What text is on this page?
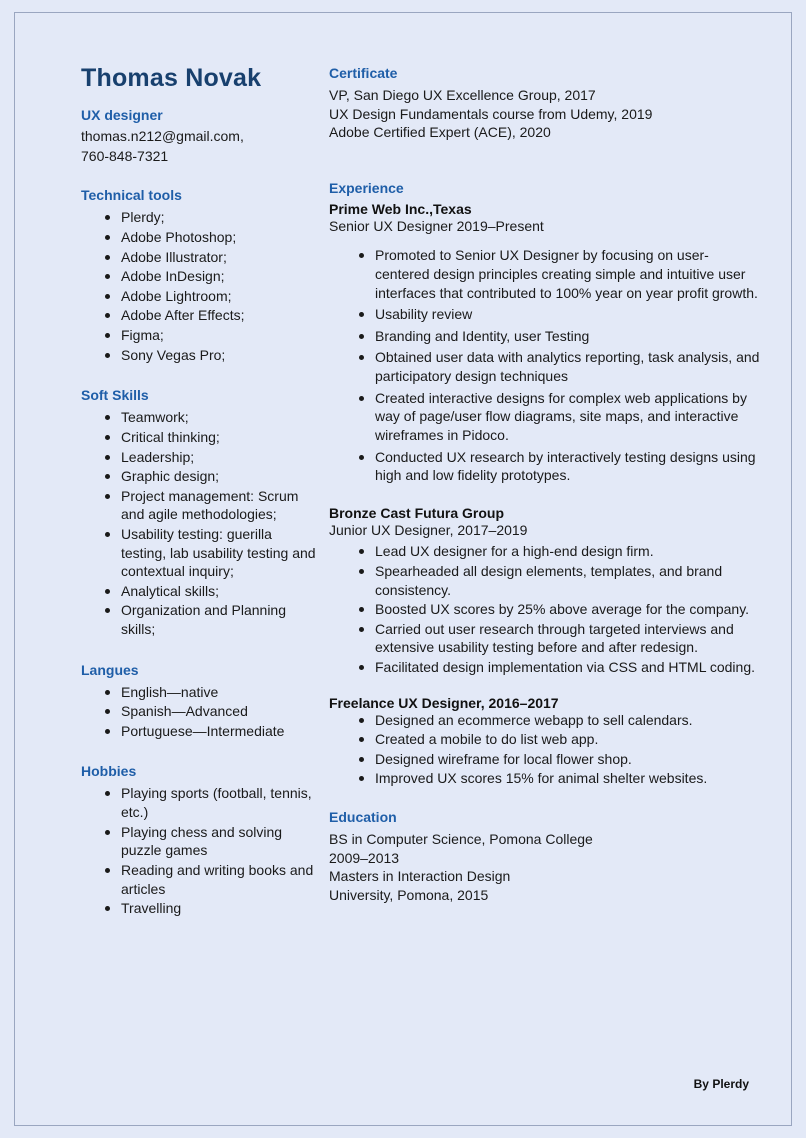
Thomas Novak
UX designer
thomas.n212@gmail.com,
760-848-7321
Technical tools
Plerdy;
Adobe Photoshop;
Adobe Illustrator;
Adobe InDesign;
Adobe Lightroom;
Adobe After Effects;
Figma;
Sony Vegas Pro;
Soft Skills
Teamwork;
Critical thinking;
Leadership;
Graphic design;
Project management: Scrum and agile methodologies;
Usability testing: guerilla testing, lab usability testing and contextual inquiry;
Analytical skills;
Organization and Planning skills;
Langues
English—native
Spanish—Advanced
Portuguese—Intermediate
Hobbies
Playing sports (football, tennis, etc.)
Playing chess and solving puzzle games
Reading and writing books and articles
Travelling
Certificate
VP, San Diego UX Excellence Group, 2017
UX Design Fundamentals course from Udemy, 2019
Adobe Certified Expert (ACE), 2020
Experience
Prime Web Inc.,Texas
Senior UX Designer 2019–Present
Promoted to Senior UX Designer by focusing on user-centered design principles creating simple and intuitive user interfaces that contributed to 100% year on year profit growth.
Usability review
Branding and Identity, user Testing
Obtained user data with analytics reporting, task analysis, and participatory design techniques
Created interactive designs for complex web applications by way of page/user flow diagrams, site maps, and interactive wireframes in Pidoco.
Conducted UX research by interactively testing designs using high and low fidelity prototypes.
Bronze Cast Futura Group
Junior UX Designer, 2017–2019
Lead UX designer for a high-end design firm.
Spearheaded all design elements, templates, and brand consistency.
Boosted UX scores by 25% above average for the company.
Carried out user research through targeted interviews and extensive usability testing before and after redesign.
Facilitated design implementation via CSS and HTML coding.
Freelance UX Designer, 2016–2017
Designed an ecommerce webapp to sell calendars.
Created a mobile to do list web app.
Designed wireframe for local flower shop.
Improved UX scores 15% for animal shelter websites.
Education
BS in Computer Science, Pomona College
2009–2013
Masters in Interaction Design
University, Pomona, 2015
By Plerdy
